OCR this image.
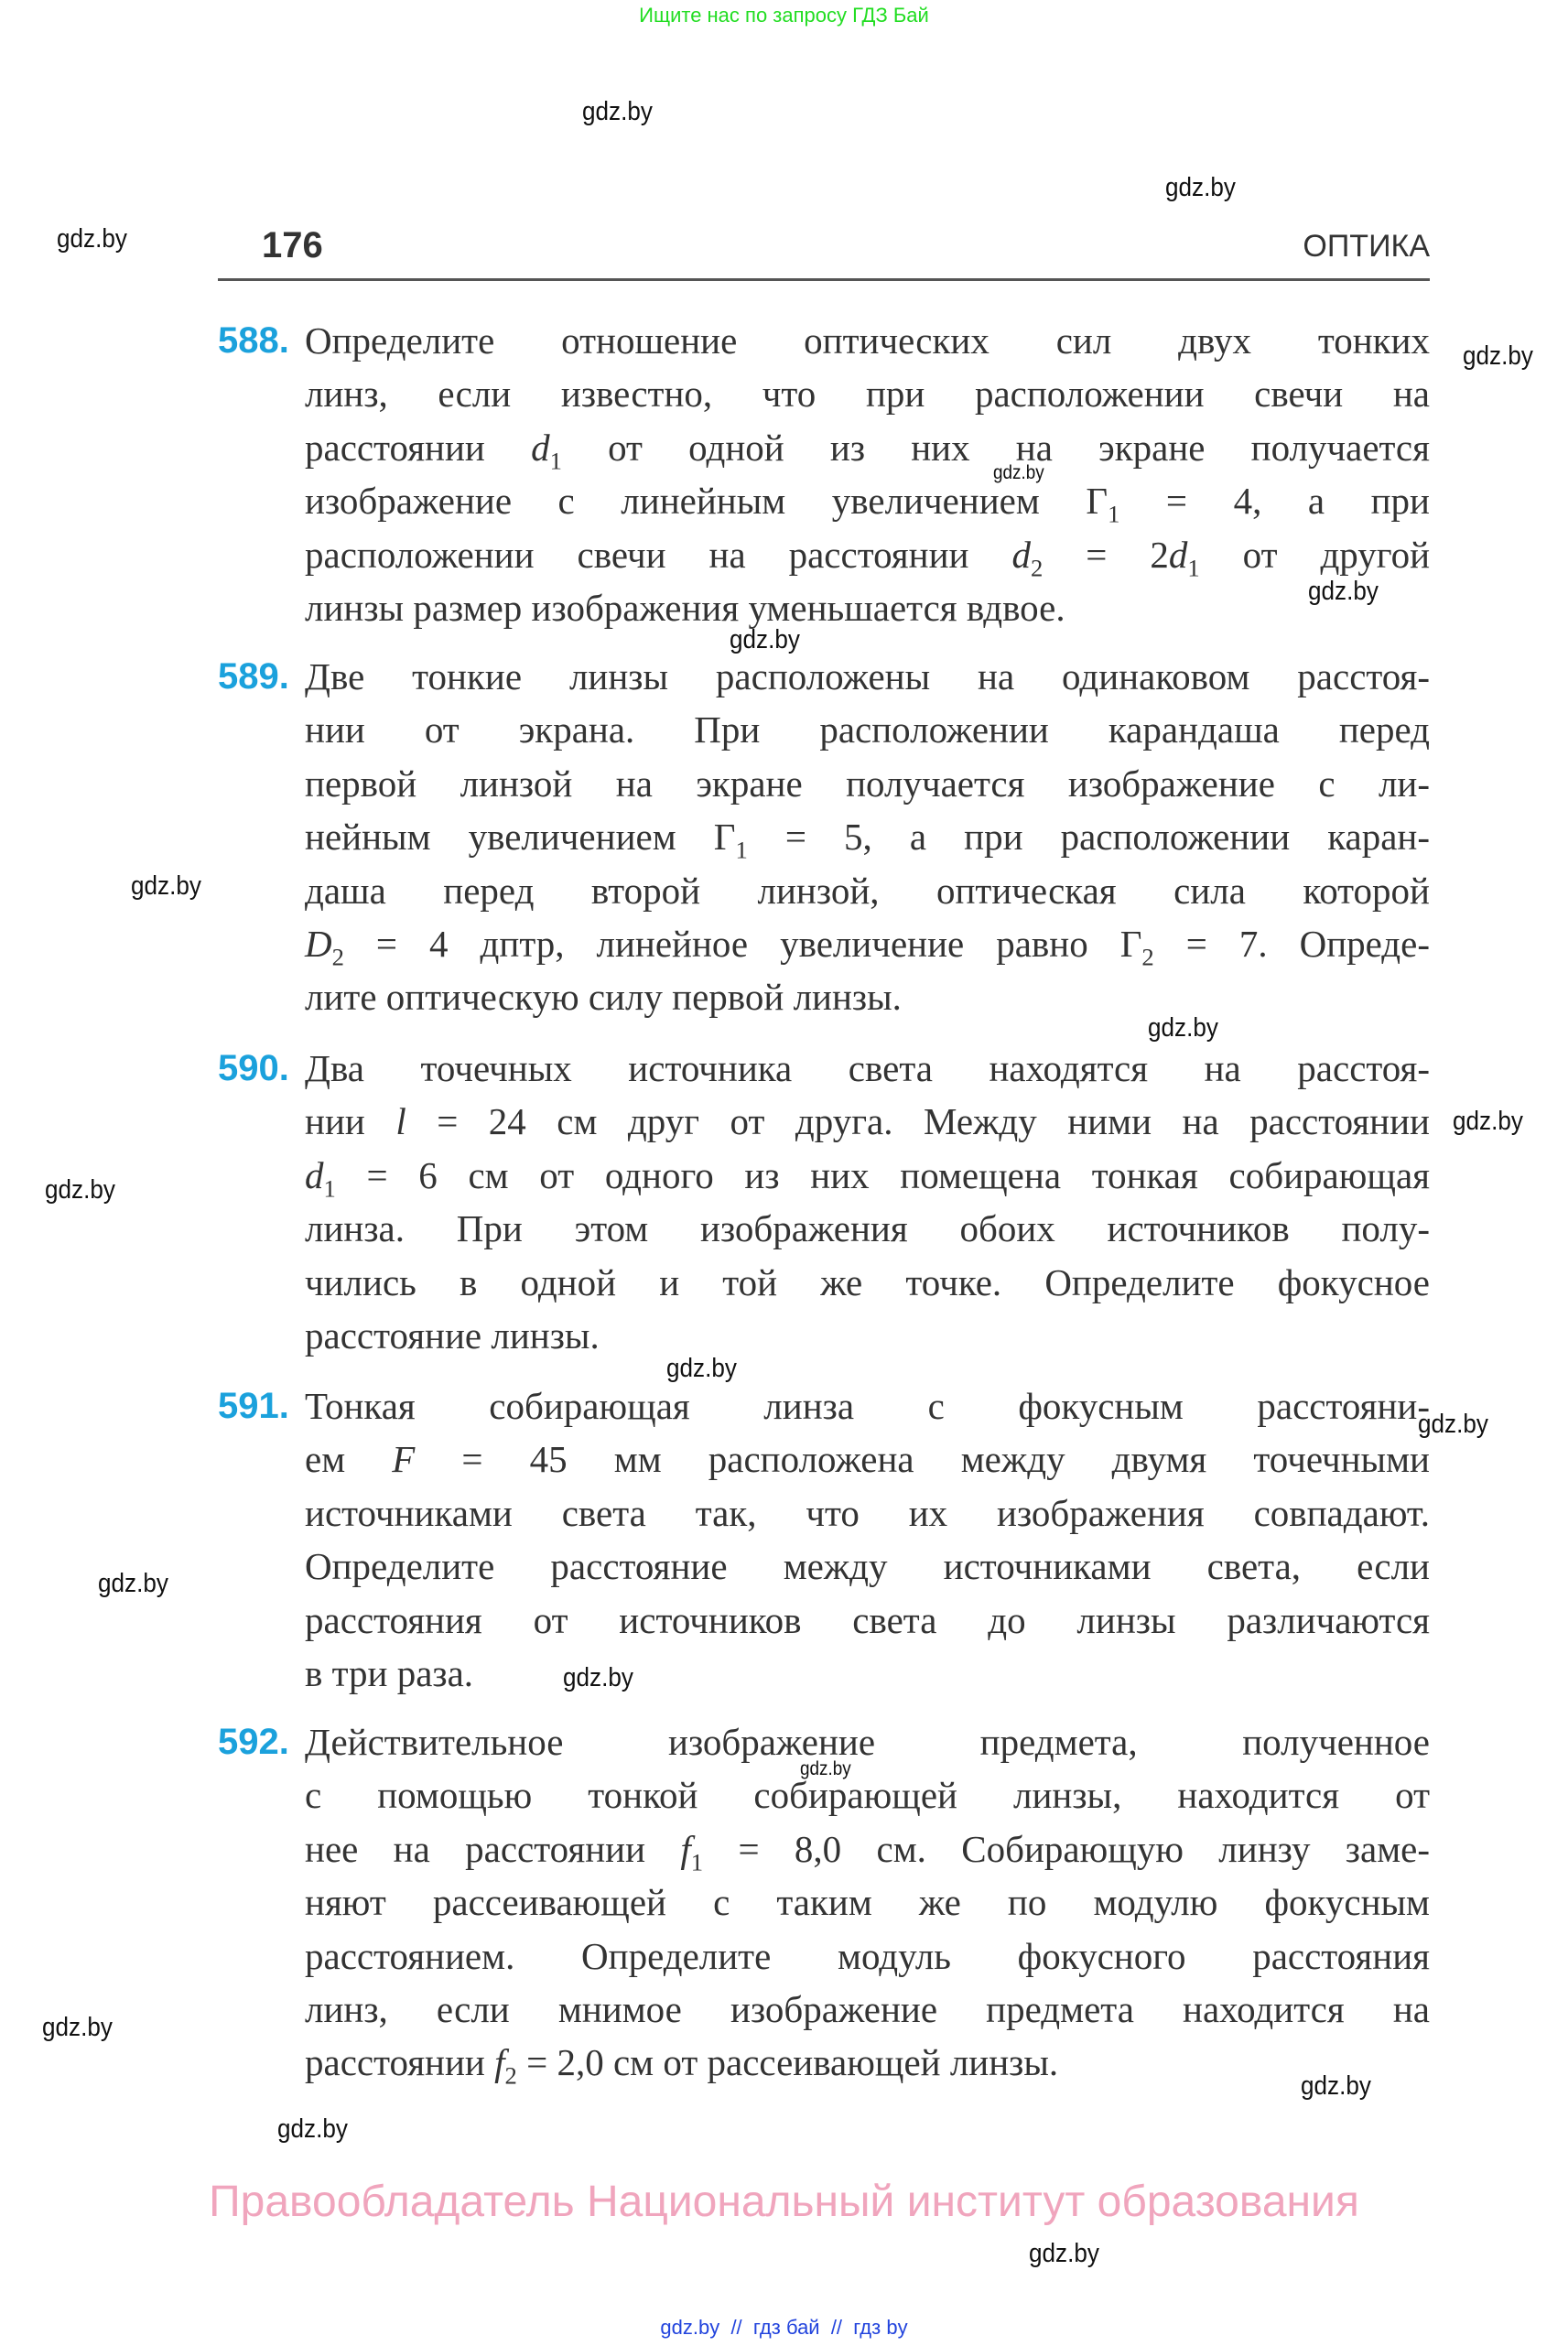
Ищите нас по запросу ГДЗ Бай
gdz.by
gdz.by
gdz.by
gdz.by
gdz.by
gdz.by
gdz.by
gdz.by
gdz.by
gdz.by
gdz.by
gdz.by
gdz.by
gdz.by
gdz.by
gdz.by
gdz.by
gdz.by
gdz.by
gdz.by
176	ОПТИКА
588. Определите отношение оптических сил двух тонких
линз, если известно, что при расположении свечи на
расстоянии $d_1$ от одной из них на экране получается
изображение с линейным увеличением $\Gamma_1 = 4$, а при
расположении свечи на расстоянии $d_2 = 2d_1$ от другой
линзы размер изображения уменьшается вдвое.
589. Две тонкие линзы расположены на одинаковом расстоя-
нии от экрана. При расположении карандаша перед
первой линзой на экране получается изображение с ли-
нейным увеличением $\Gamma_1 = 5$, а при расположении каран-
даша перед второй линзой, оптическая сила которой
$D_2 = 4$ дптр, линейное увеличение равно $\Gamma_2 = 7$. Опреде-
лите оптическую силу первой линзы.
590. Два точечных источника света находятся на расстоя-
нии l = 24 см друг от друга. Между ними на расстоянии
$d_1 = 6$ см от одного из них помещена тонкая собирающая
линза. При этом изображения обоих источников полу-
чились в одной и той же точке. Определите фокусное
расстояние линзы.
591. Тонкая собирающая линза с фокусным расстояни-
ем F = 45 мм расположена между двумя точечными
источниками света так, что их изображения совпадают.
Определите расстояние между источниками света, если
расстояния от источников света до линзы различаются
в три раза.
592. Действительное изображение предмета, полученное
с помощью тонкой собирающей линзы, находится от
нее на расстоянии $f_1 = 8,0$ см. Собирающую линзу заме-
няют рассеивающей с таким же по модулю фокусным
расстоянием. Определите модуль фокусного расстояния
линз, если мнимое изображение предмета находится на
расстоянии $f_2 = 2,0$ см от рассеивающей линзы.
Правообладатель Национальный институт образования
gdz.by  //  гдз бай  //  гдз by
